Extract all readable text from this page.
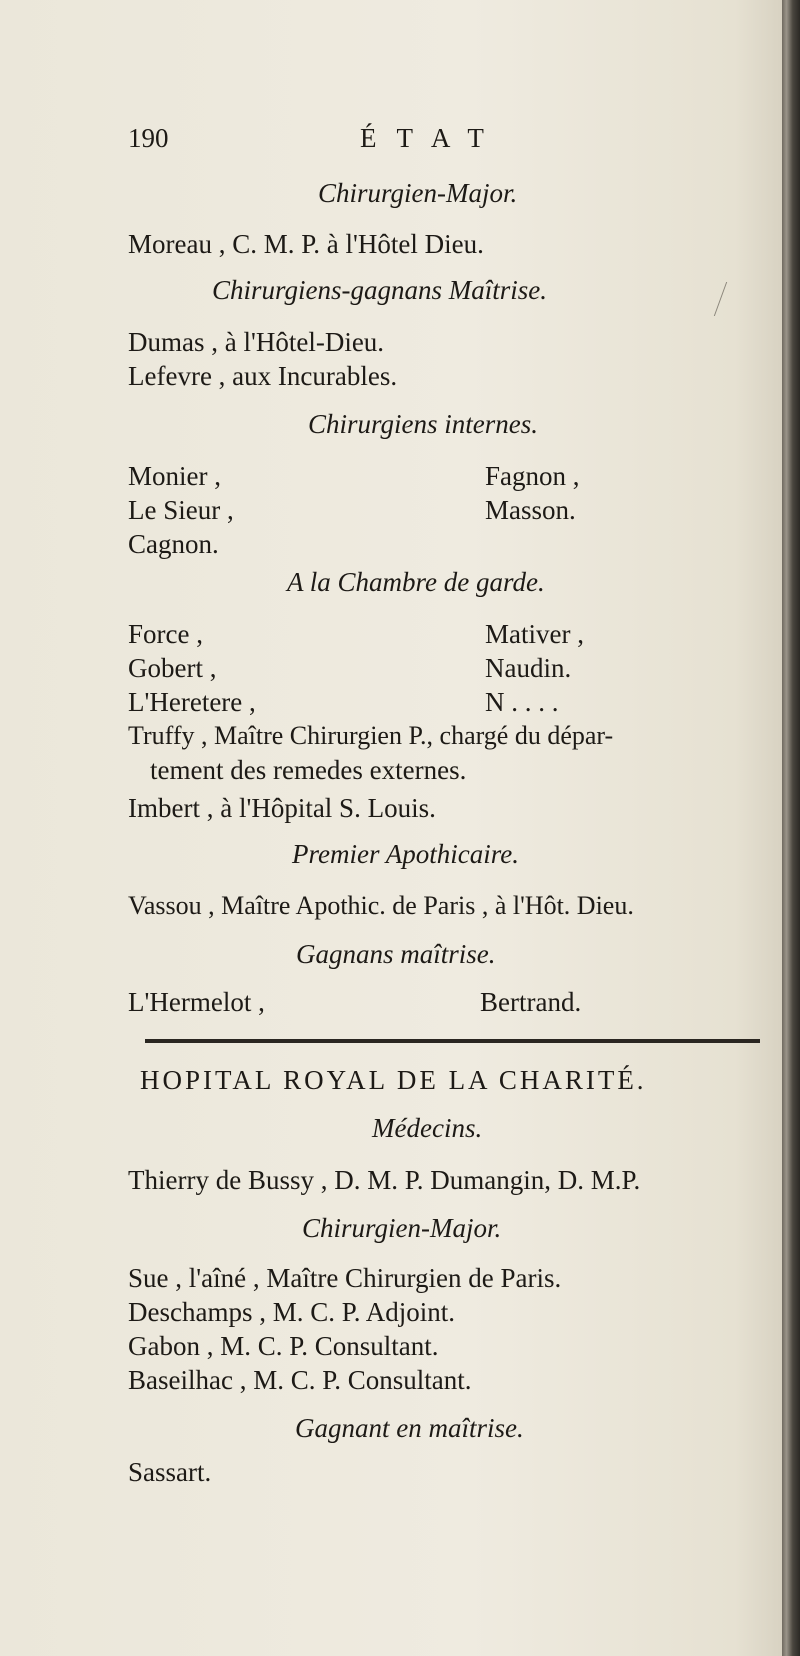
190	ÉTAT
Chirurgien-Major.
Moreau , C. M. P. à l'Hôtel Dieu.
Chirurgiens-gagnans Maîtrise.
Dumas , à l'Hôtel-Dieu.
Lefevre , aux Incurables.
Chirurgiens internes.
Monier ,	Fagnon ,
Le Sieur ,	Masson.
Cagnon.
A la Chambre de garde.
Force ,	Mativer ,
Gobert ,	Naudin.
L'Heretere ,	N . . . .
Truffy , Maître Chirurgien P., chargé du dépar-
tement des remedes externes.
Imbert , à l'Hôpital S. Louis.
Premier Apothicaire.
Vassou , Maître Apothic. de Paris , à l'Hôt. Dieu.
Gagnans maîtrise.
L'Hermelot ,	Bertrand.
HOPITAL ROYAL DE LA CHARITÉ.
Médecins.
Thierry de Bussy , D. M. P. Dumangin, D. M.P.
Chirurgien-Major.
Sue , l'aîné , Maître Chirurgien de Paris.
Deschamps , M. C. P. Adjoint.
Gabon , M. C. P. Consultant.
Baseilhac , M. C. P. Consultant.
Gagnant en maîtrise.
Sassart.
